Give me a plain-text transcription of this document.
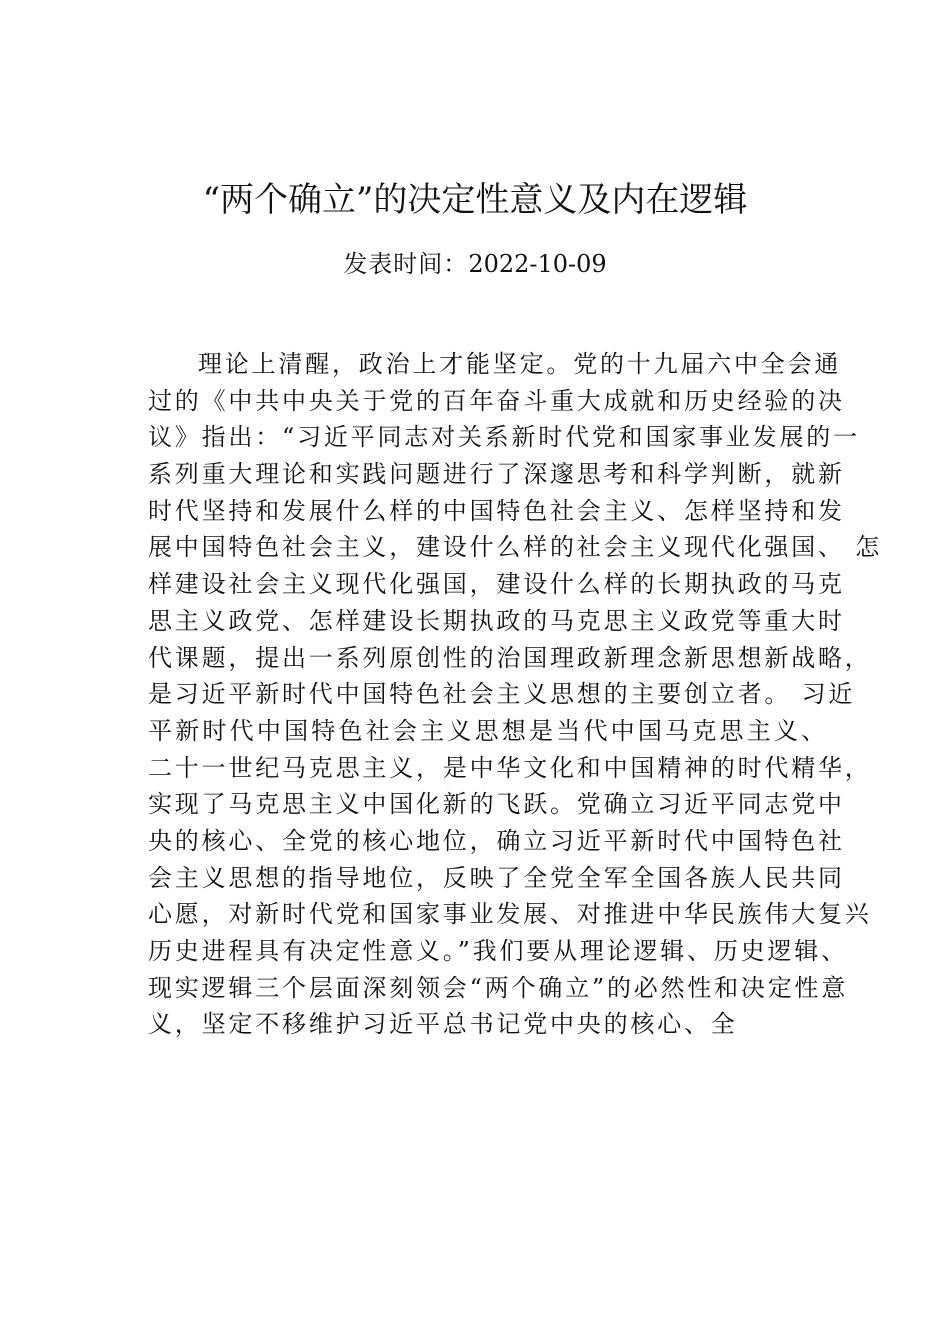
“两个确立”的决定性意义及内在逻辑
发表时间：2022-10-09
理论上清醒，政治上才能坚定。党的十九届六中全会通
过的《中共中央关于党的百年奋斗重大成就和历史经验的决
议》指出：“习近平同志对关系新时代党和国家事业发展的一
系列重大理论和实践问题进行了深邃思考和科学判断，就新
时代坚持和发展什么样的中国特色社会主义、怎样坚持和发
展中国特色社会主义，建设什么样的社会主义现代化强国、 怎
样建设社会主义现代化强国，建设什么样的长期执政的马克
思主义政党、怎样建设长期执政的马克思主义政党等重大时
代课题，提出一系列原创性的治国理政新理念新思想新战略，
是习近平新时代中国特色社会主义思想的主要创立者。 习近
平新时代中国特色社会主义思想是当代中国马克思主义、
二十一世纪马克思主义，是中华文化和中国精神的时代精华，
实现了马克思主义中国化新的飞跃。党确立习近平同志党中
央的核心、全党的核心地位，确立习近平新时代中国特色社
会主义思想的指导地位，反映了全党全军全国各族人民共同
心愿，对新时代党和国家事业发展、对推进中华民族伟大复兴
历史进程具有决定性意义。”我们要从理论逻辑、历史逻辑、
现实逻辑三个层面深刻领会“两个确立”的必然性和决定性意
义，坚定不移维护习近平总书记党中央的核心、全
